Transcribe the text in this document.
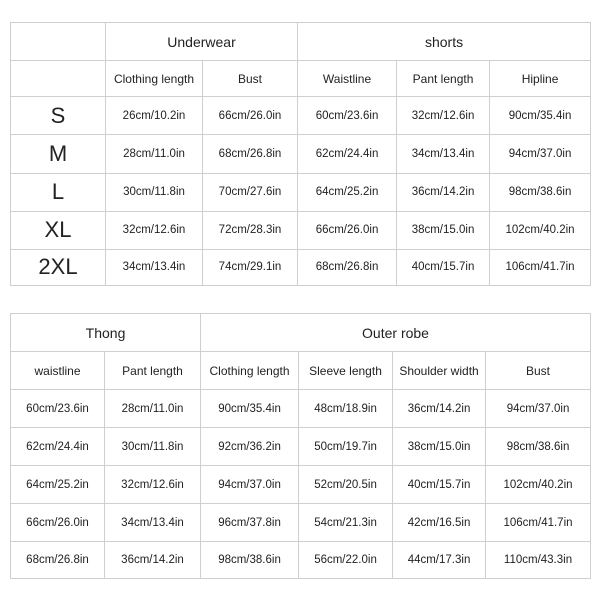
	Underwear		shorts		
	Clothing length	Bust	Waistline	Pant length	Hipline
S	26cm/10.2in	66cm/26.0in	60cm/23.6in	32cm/12.6in	90cm/35.4in
M	28cm/11.0in	68cm/26.8in	62cm/24.4in	34cm/13.4in	94cm/37.0in
L	30cm/11.8in	70cm/27.6in	64cm/25.2in	36cm/14.2in	98cm/38.6in
XL	32cm/12.6in	72cm/28.3in	66cm/26.0in	38cm/15.0in	102cm/40.2in
2XL	34cm/13.4in	74cm/29.1in	68cm/26.8in	40cm/15.7in	106cm/41.7in
Thong		Outer robe			
waistline	Pant length	Clothing length	Sleeve length	Shoulder width	Bust
60cm/23.6in	28cm/11.0in	90cm/35.4in	48cm/18.9in	36cm/14.2in	94cm/37.0in
62cm/24.4in	30cm/11.8in	92cm/36.2in	50cm/19.7in	38cm/15.0in	98cm/38.6in
64cm/25.2in	32cm/12.6in	94cm/37.0in	52cm/20.5in	40cm/15.7in	102cm/40.2in
66cm/26.0in	34cm/13.4in	96cm/37.8in	54cm/21.3in	42cm/16.5in	106cm/41.7in
68cm/26.8in	36cm/14.2in	98cm/38.6in	56cm/22.0in	44cm/17.3in	110cm/43.3in
